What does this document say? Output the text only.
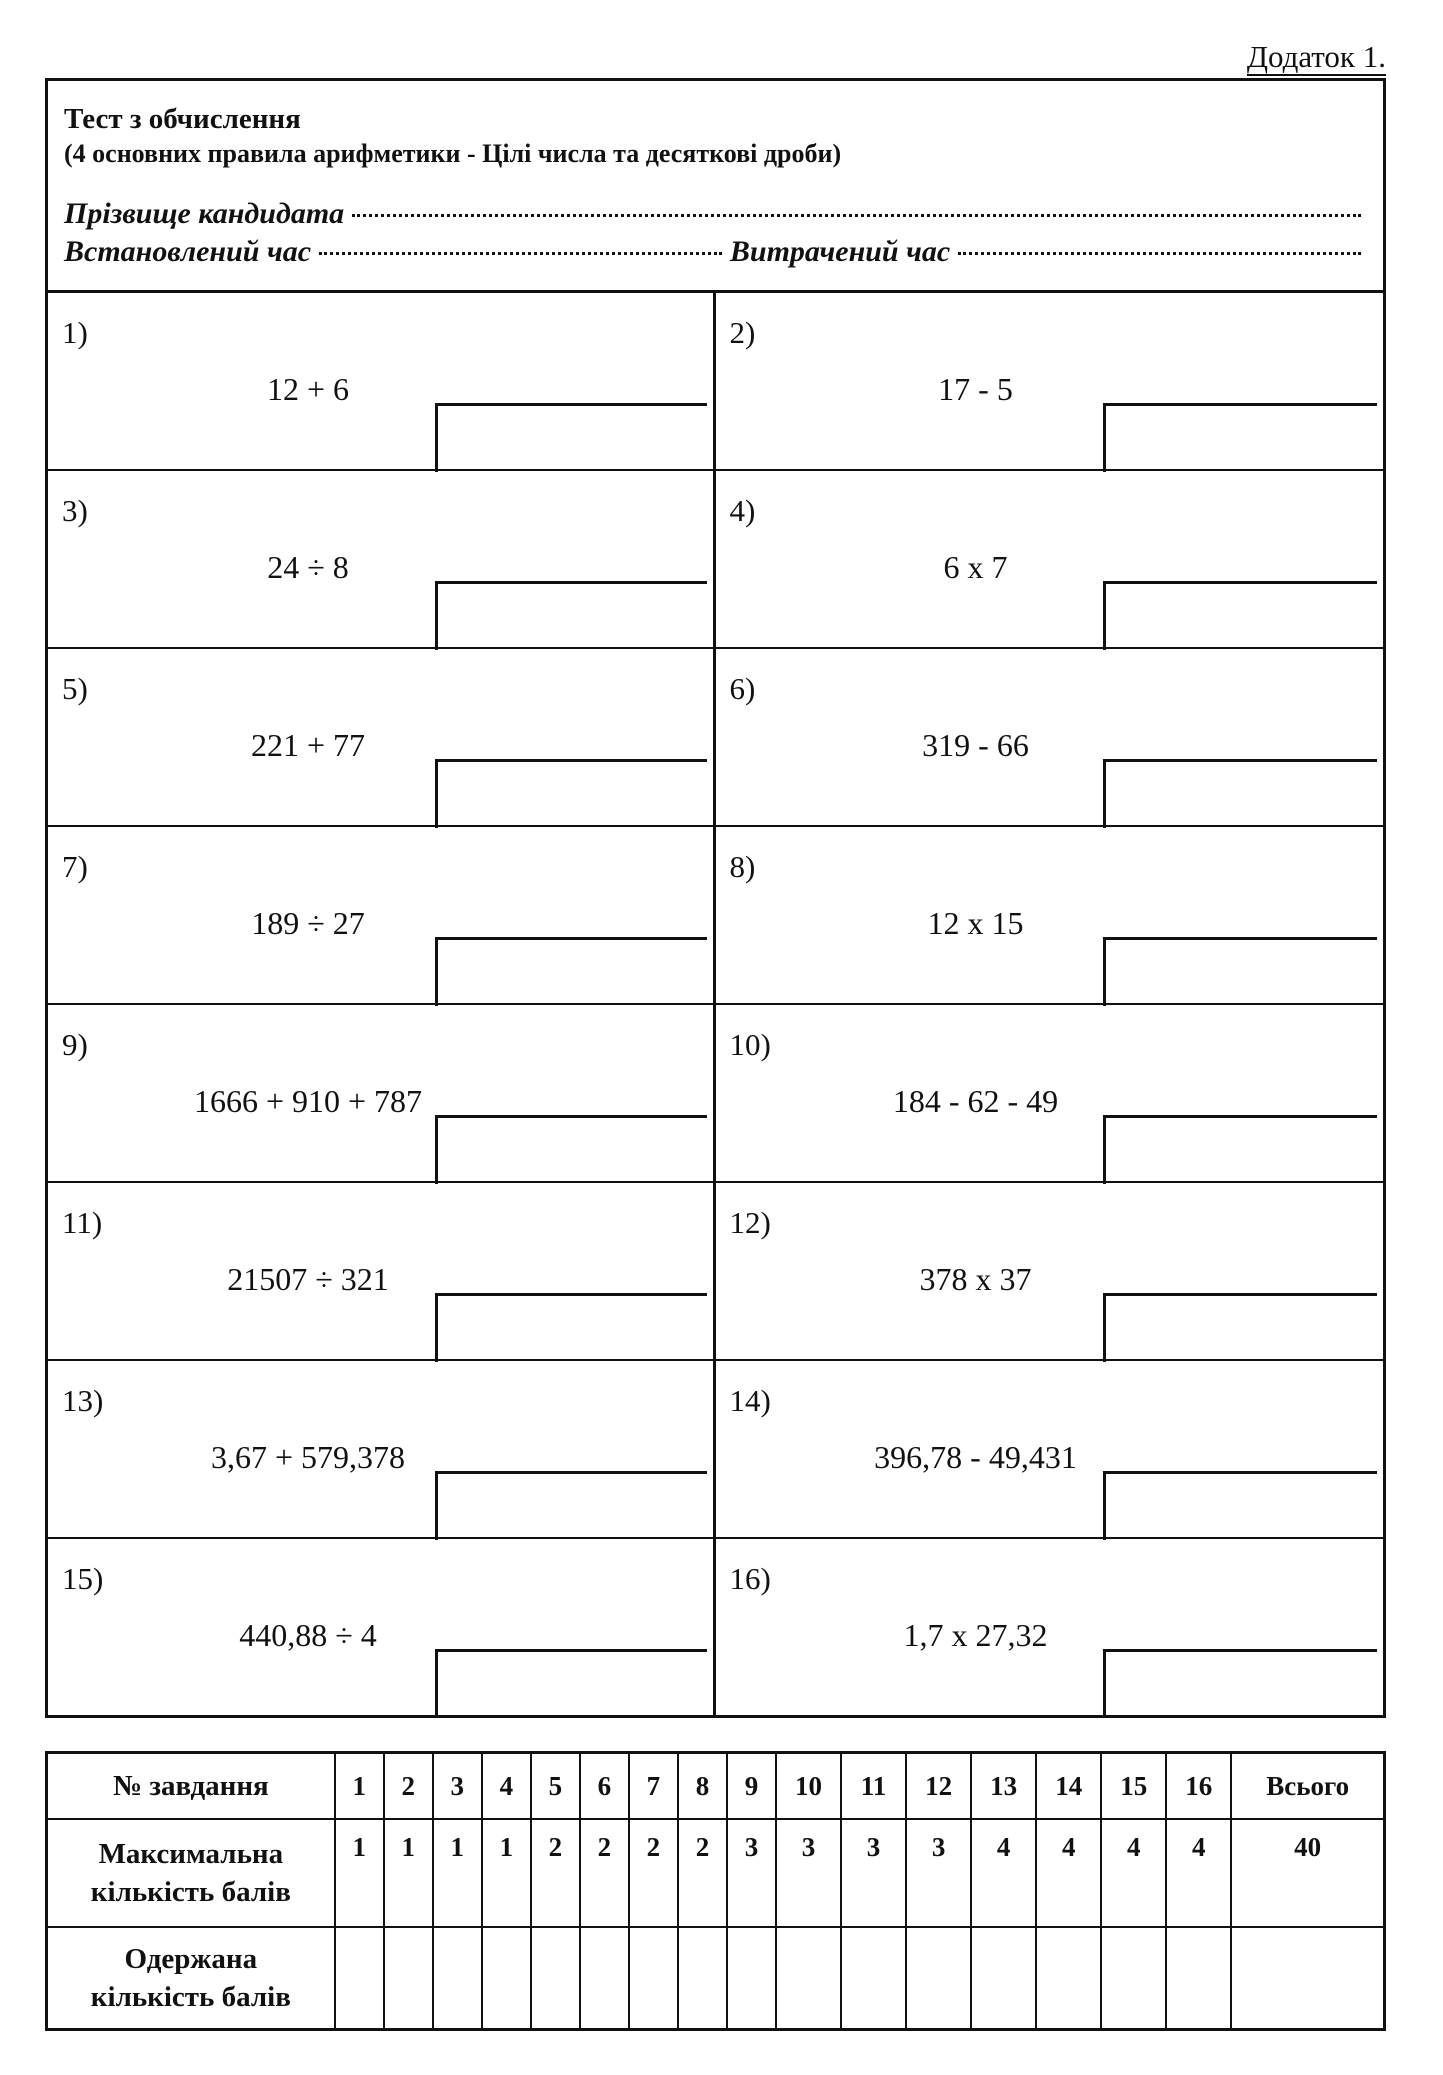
Додаток 1.
Тест з обчислення
(4 основних правила арифметики - Цілі числа та десяткові дроби)
Прізвище кандидата
Встановлений час	Витрачений час
1)
12 + 6
2)
17 - 5
3)
24 ÷ 8
4)
6 x 7
5)
221 + 77
6)
319 - 66
7)
189 ÷ 27
8)
12 x 15
9)
1666 + 910 + 787
10)
184 - 62 - 49
11)
21507 ÷ 321
12)
378 x 37
13)
3,67 + 579,378
14)
396,78 - 49,431
15)
440,88 ÷ 4
16)
1,7 x 27,32
№ завдання	1	2	3	4	5	6	7	8	9	10	11	12	13	14	15	16	Всього

Максимальна
кількість балів	1	1	1	1	2	2	2	2	3	3	3	3	4	4	4	4	40

Одержана
кількість балів																	
